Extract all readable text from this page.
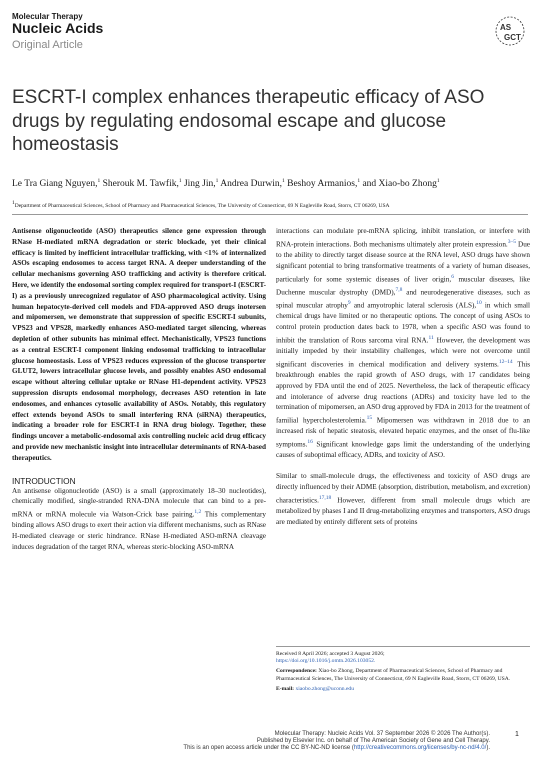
Molecular Therapy
Nucleic Acids
Original Article
AS
GCT
ESCRT-I complex enhances therapeutic efficacy of ASO drugs by regulating endosomal escape and glucose homeostasis
Le Tra Giang Nguyen,$^1$ Sherouk M. Tawfik,$^1$ Jing Jin,$^1$ Andrea Durwin,$^1$ Beshoy Armanios,$^1$ and Xiao-bo Zhong$^1$
$^1$Department of Pharmaceutical Sciences, School of Pharmacy and Pharmaceutical Sciences, The University of Connecticut, 69 N Eagleville Road, Storrs, CT 06269, USA

Antisense oligonucleotide (ASO) therapeutics silence gene expression through RNase H-mediated mRNA degradation or steric blockade, yet their clinical efficacy is limited by inefficient intracellular trafficking, with <1% of internalized ASOs escaping endosomes to access target RNA. A deeper understanding of the cellular mechanisms governing ASO trafficking and activity is therefore critical. Here, we identify the endosomal sorting complex required for transport-I (ESCRT-I) as a previously unrecognized regulator of ASO pharmacological activity. Using human hepatocyte-derived cell models and FDA-approved ASO drugs inotersen and mipomersen, we demonstrate that suppression of specific ESCRT-I subunits, VPS23 and VPS28, markedly enhances ASO-mediated target silencing, whereas depletion of other subunits has minimal effect. Mechanistically, VPS23 functions as a central ESCRT-I component linking endosomal trafficking to intracellular glucose homeostasis. Loss of VPS23 reduces expression of the glucose transporter GLUT2, lowers intracellular glucose levels, and possibly enables ASO endosomal escape without altering cellular uptake or RNase H1-dependent activity. VPS23 suppression disrupts endosomal morphology, decreases ASO retention in late endosomes, and enhances cytosolic availability of ASOs. Notably, this regulatory effect extends beyond ASOs to small interfering RNA (siRNA) therapeutics, indicating a broader role for ESCRT-I in RNA drug biology. Together, these findings uncover a metabolic-endosomal axis controlling nucleic acid drug efficacy and provide new mechanistic insight into intracellular determinants of RNA-based therapeutics.

INTRODUCTION

An antisense oligonucleotide (ASO) is a small (approximately 18–30 nucleotides), chemically modified, single-stranded RNA-DNA molecule that can bind to a pre-mRNA or mRNA molecule via Watson-Crick base pairing.$^{1,2}$ This complementary binding allows ASO drugs to exert their action via different mechanisms, such as RNase H-mediated cleavage or steric hindrance. RNase H-mediated ASO-mRNA cleavage induces degradation of the target RNA, whereas steric-blocking ASO-mRNA

interactions can modulate pre-mRNA splicing, inhibit translation, or interfere with RNA-protein interactions. Both mechanisms ultimately alter protein expression.$^{3-5}$ Due to the ability to directly target disease source at the RNA level, ASO drugs have shown significant potential to bring transformative treatments of a variety of human diseases, particularly for some systemic diseases of liver origin,$^6$ muscular diseases, like Duchenne muscular dystrophy (DMD),$^{7,8}$ and neurodegenerative diseases, such as spinal muscular atrophy$^9$ and amyotrophic lateral sclerosis (ALS),$^{10}$ in which small chemical drugs have limited or no therapeutic options. The concept of using ASOs to control protein production dates back to 1978, when a specific ASO was found to inhibit the translation of Rous sarcoma viral RNA.$^{11}$ However, the development was initially impeded by their instability challenges, which were not overcome until significant discoveries in chemical modification and delivery systems.$^{12-14}$ This breakthrough enables the rapid growth of ASO drugs, with 17 candidates being approved by FDA until the end of 2025. Nevertheless, the lack of therapeutic efficacy and intolerance of adverse drug reactions (ADRs) and toxicity have led to the termination of mipomersen, an ASO drug approved by FDA in 2013 for the treatment of familial hypercholesterolemia.$^{15}$ Mipomersen was withdrawn in 2018 due to an increased risk of hepatic steatosis, elevated hepatic enzymes, and the onset of flu-like symptoms.$^{16}$ Significant knowledge gaps limit the understanding of the underlying causes of suboptimal efficacy, ADRs, and toxicity of ASO.

Similar to small-molecule drugs, the effectiveness and toxicity of ASO drugs are directly influenced by their ADME (absorption, distribution, metabolism, and excretion) characteristics.$^{17,18}$ However, different from small molecule drugs which are metabolized by phases I and II drug-metabolizing enzymes and transporters, ASO drugs are mediated by entirely different sets of proteins

Received 8 April 2026; accepted 3 August 2026;
https://doi.org/10.1016/j.omtn.2026.103052.

Correspondence: Xiao-bo Zhong, Department of Pharmaceutical Sciences, School of Pharmacy and Pharmaceutical Sciences, The University of Connecticut, 69 N Eagleville Road, Storrs, CT 06269, USA.

E-mail: xiaobo.zhong@uconn.edu

Molecular Therapy: Nucleic Acids Vol. 37 September 2026 © 2026 The Author(s).
Published by Elsevier Inc. on behalf of The American Society of Gene and Cell Therapy.
This is an open access article under the CC BY-NC-ND license (http://creativecommons.org/licenses/by-nc-nd/4.0/).
1
